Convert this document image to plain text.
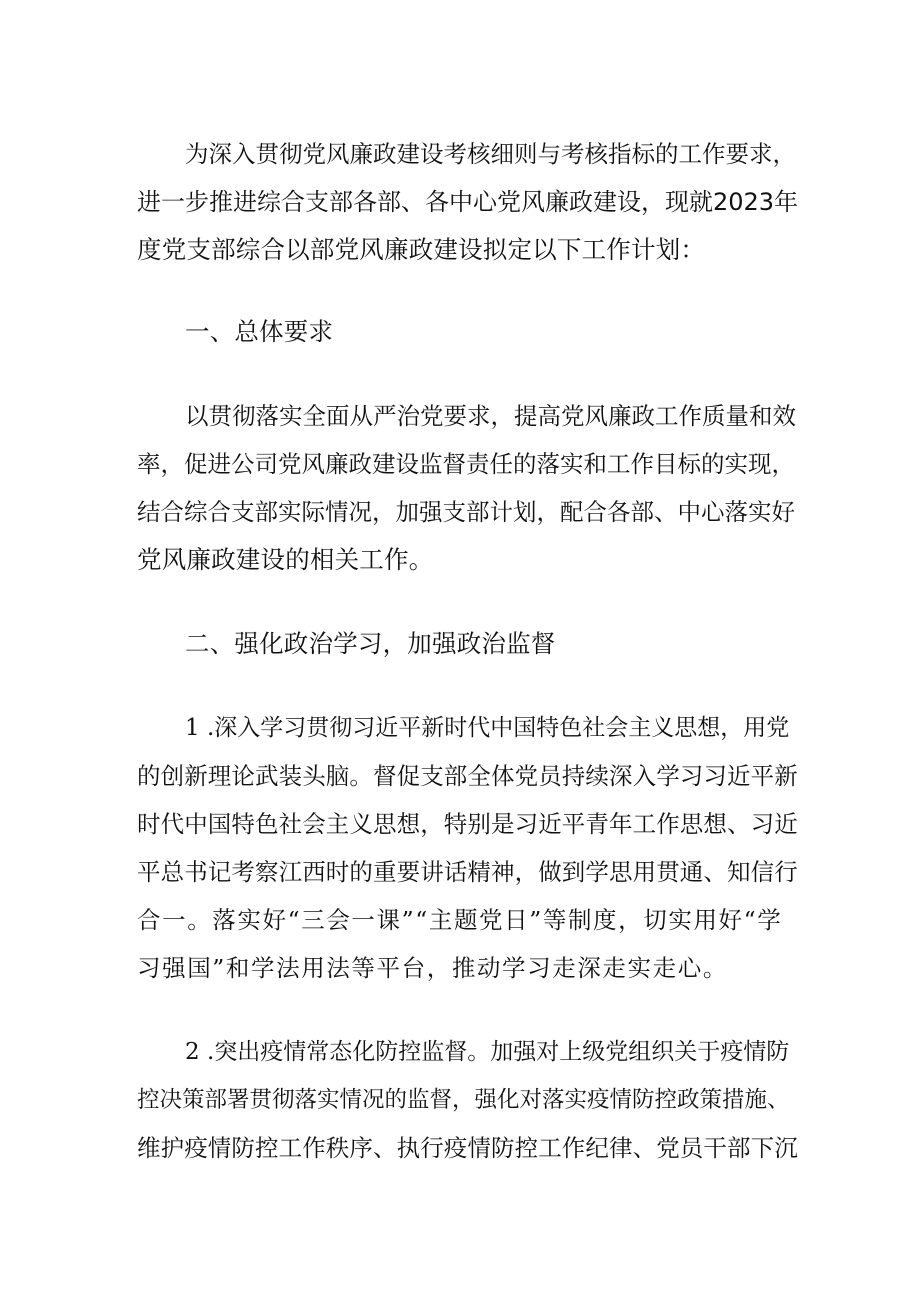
为深入贯彻党风廉政建设考核细则与考核指标的工作要求，
进一步推进综合支部各部、各中心党风廉政建设，现就2023年
度党支部综合以部党风廉政建设拟定以下工作计划：
一、总体要求
以贯彻落实全面从严治党要求，提高党风廉政工作质量和效
率，促进公司党风廉政建设监督责任的落实和工作目标的实现，
结合综合支部实际情况，加强支部计划，配合各部、中心落实好
党风廉政建设的相关工作。
二、强化政治学习，加强政治监督
1 .深入学习贯彻习近平新时代中国特色社会主义思想，用党
的创新理论武装头脑。督促支部全体党员持续深入学习习近平新
时代中国特色社会主义思想，特别是习近平青年工作思想、习近
平总书记考察江西时的重要讲话精神，做到学思用贯通、知信行
合一。落实好“三会一课”“主题党日”等制度，切实用好“学
习强国”和学法用法等平台，推动学习走深走实走心。
2 .突出疫情常态化防控监督。加强对上级党组织关于疫情防
控决策部署贯彻落实情况的监督，强化对落实疫情防控政策措施、
维护疫情防控工作秩序、执行疫情防控工作纪律、党员干部下沉
